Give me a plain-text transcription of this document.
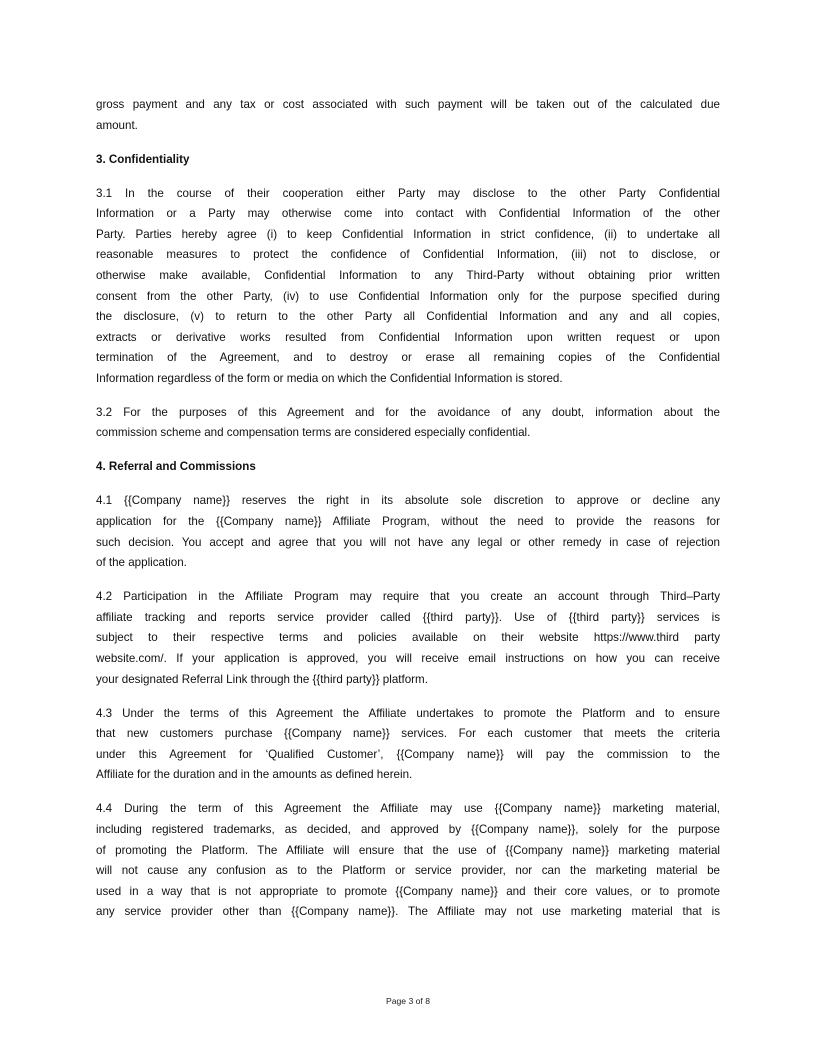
gross payment and any tax or cost associated with such payment will be taken out of the calculated due
amount.
3. Confidentiality
3.1 In the course of their cooperation either Party may disclose to the other Party Confidential
Information or a Party may otherwise come into contact with Confidential Information of the other
Party. Parties hereby agree (i) to keep Confidential Information in strict confidence, (ii) to undertake all
reasonable measures to protect the confidence of Confidential Information, (iii) not to disclose, or
otherwise make available, Confidential Information to any Third-Party without obtaining prior written
consent from the other Party, (iv) to use Confidential Information only for the purpose specified during
the disclosure, (v) to return to the other Party all Confidential Information and any and all copies,
extracts or derivative works resulted from Confidential Information upon written request or upon
termination of the Agreement, and to destroy or erase all remaining copies of the Confidential
Information regardless of the form or media on which the Confidential Information is stored.
3.2 For the purposes of this Agreement and for the avoidance of any doubt, information about the
commission scheme and compensation terms are considered especially confidential.
4. Referral and Commissions
4.1 {{Company name}} reserves the right in its absolute sole discretion to approve or decline any
application for the {{Company name}} Affiliate Program, without the need to provide the reasons for
such decision. You accept and agree that you will not have any legal or other remedy in case of rejection
of the application.
4.2 Participation in the Affiliate Program may require that you create an account through Third–Party
affiliate tracking and reports service provider called {{third party}}. Use of {{third party}} services is
subject to their respective terms and policies available on their website https://www.third party
website.com/. If your application is approved, you will receive email instructions on how you can receive
your designated Referral Link through the {{third party}} platform.
4.3 Under the terms of this Agreement the Affiliate undertakes to promote the Platform and to ensure
that new customers purchase {{Company name}} services. For each customer that meets the criteria
under this Agreement for ‘Qualified Customer’, {{Company name}} will pay the commission to the
Affiliate for the duration and in the amounts as defined herein.
4.4 During the term of this Agreement the Affiliate may use {{Company name}} marketing material,
including registered trademarks, as decided, and approved by {{Company name}}, solely for the purpose
of promoting the Platform. The Affiliate will ensure that the use of {{Company name}} marketing material
will not cause any confusion as to the Platform or service provider, nor can the marketing material be
used in a way that is not appropriate to promote {{Company name}} and their core values, or to promote
any service provider other than {{Company name}}. The Affiliate may not use marketing material that is
Page 3 of 8
